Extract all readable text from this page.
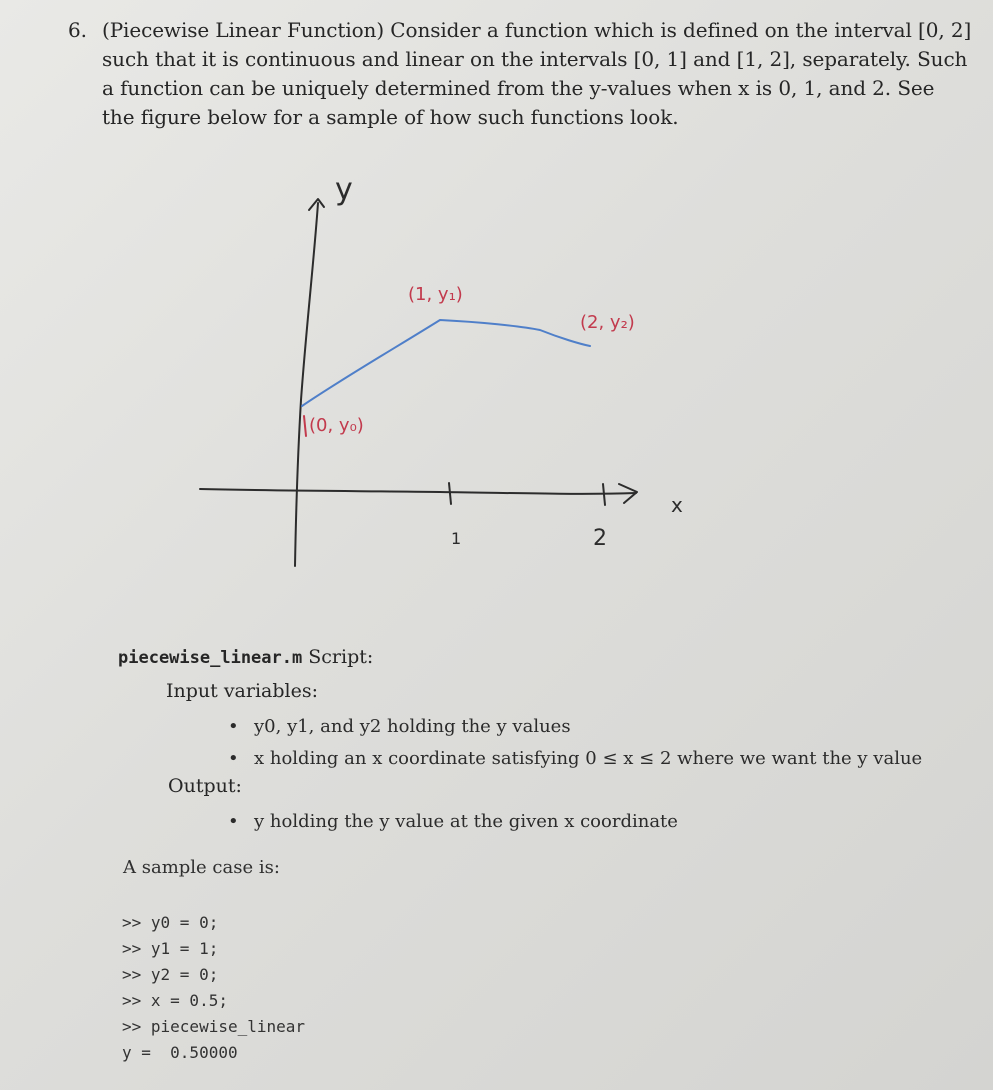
6. (Piecewise Linear Function) Consider a function which is defined on the interval [0, 2]
such that it is continuous and linear on the intervals [0, 1] and [1, 2], separately. Such
a function can be uniquely determined from the y-values when x is 0, 1, and 2. See
the figure below for a sample of how such functions look.
y
x
1	2
(0, y₀)
(1, y₁)
(2, y₂)
piecewise_linear.m Script:
Input variables:
• y0, y1, and y2 holding the y values
• x holding an x coordinate satisfying 0 ≤ x ≤ 2 where we want the y value
Output:
• y holding the y value at the given x coordinate
A sample case is:
>> y0 = 0;
>> y1 = 1;
>> y2 = 0;
>> x = 0.5;
>> piecewise_linear
y =  0.50000
